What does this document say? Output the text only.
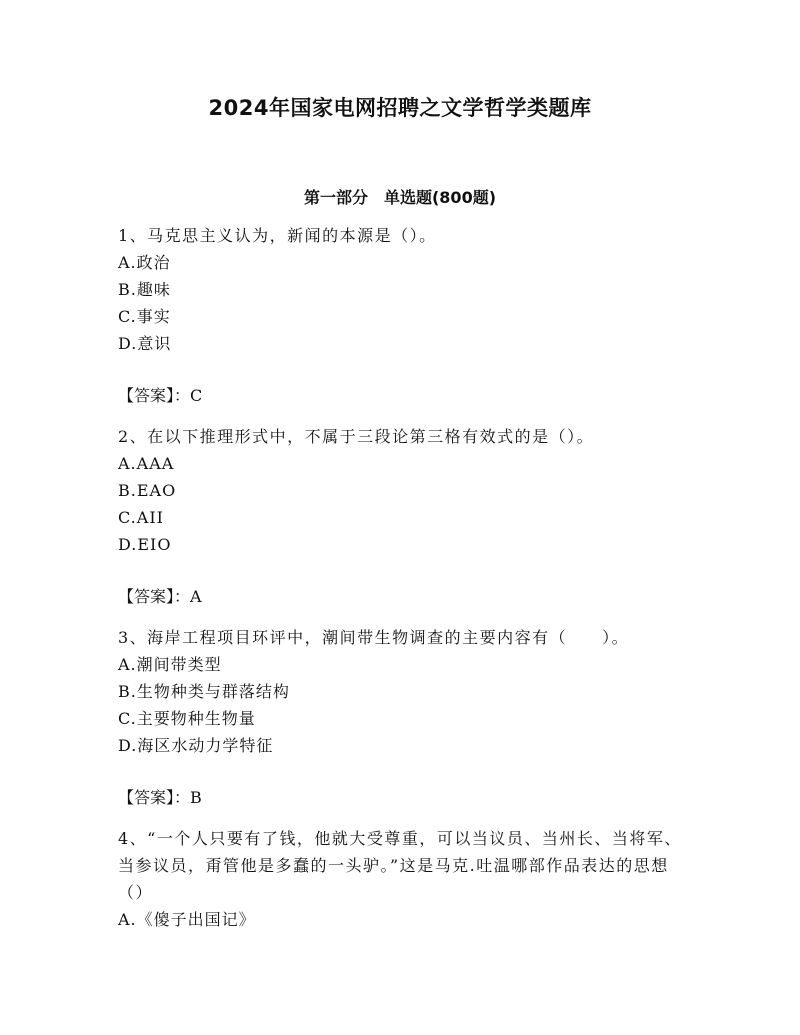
2024年国家电网招聘之文学哲学类题库
第一部分　单选题(800题)

1、马克思主义认为，新闻的本源是（）。

A.政治

B.趣味

C.事实

D.意识

【答案】：C

2、在以下推理形式中，不属于三段论第三格有效式的是（）。

A.AAA

B.EAO

C.AII

D.EIO

【答案】：A

3、海岸工程项目环评中，潮间带生物调查的主要内容有（　　）。

A.潮间带类型

B.生物种类与群落结构

C.主要物种生物量

D.海区水动力学特征

【答案】：B

4、“一个人只要有了钱，他就大受尊重，可以当议员、当州长、当将军、当参议员，甭管他是多蠢的一头驴。”这是马克.吐温哪部作品表达的思想（）

A.《傻子出国记》
